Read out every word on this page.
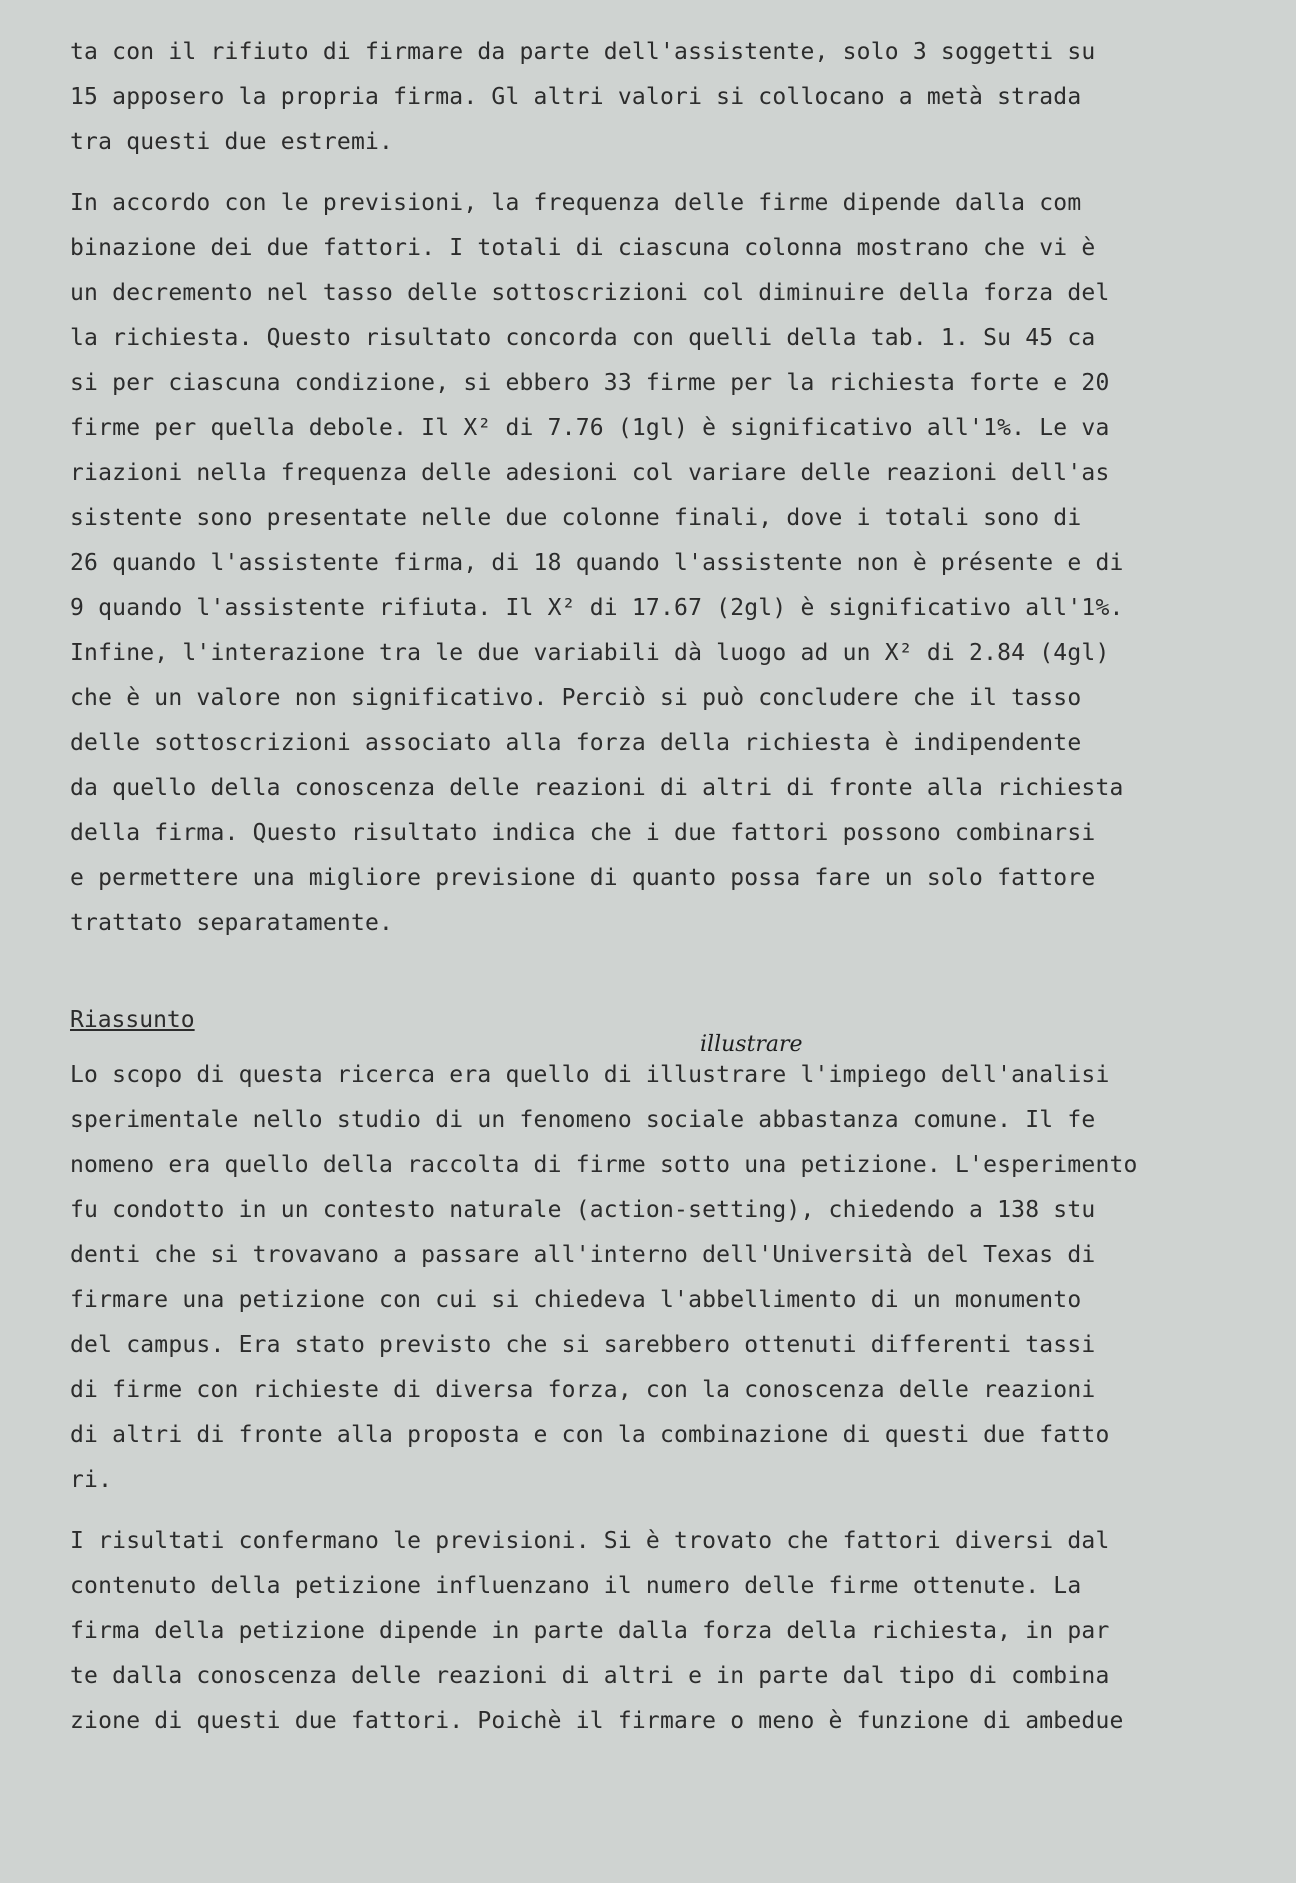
ta con il rifiuto di firmare da parte dell'assistente, solo 3 soggetti su
15 apposero la propria firma. Gl altri valori si collocano a metà strada
tra questi due estremi.

In accordo con le previsioni, la frequenza delle firme dipende dalla com
binazione dei due fattori. I totali di ciascuna colonna mostrano che vi è
un decremento nel tasso delle sottoscrizioni col diminuire della forza del
la richiesta. Questo risultato concorda con quelli della tab. 1. Su 45 ca
si per ciascuna condizione, si ebbero 33 firme per la richiesta forte e 20
firme per quella debole. Il X² di 7.76 (1gl) è significativo all'1%. Le va
riazioni nella frequenza delle adesioni col variare delle reazioni dell'as
sistente sono presentate nelle due colonne finali, dove i totali sono di
26 quando l'assistente firma, di 18 quando l'assistente non è présente e di
9 quando l'assistente rifiuta. Il X² di 17.67 (2gl) è significativo all'1%.
Infine, l'interazione tra le due variabili dà luogo ad un X² di 2.84 (4gl)
che è un valore non significativo. Perciò si può concludere che il tasso
delle sottoscrizioni associato alla forza della richiesta è indipendente
da quello della conoscenza delle reazioni di altri di fronte alla richiesta
della firma. Questo risultato indica che i due fattori possono combinarsi
e permettere una migliore previsione di quanto possa fare un solo fattore
trattato separatamente.

Riassunto

Lo scopo di questa ricerca era quello di illustrare l'impiego dell'analisi
sperimentale nello studio di un fenomeno sociale abbastanza comune. Il fe
nomeno era quello della raccolta di firme sotto una petizione. L'esperimento
fu condotto in un contesto naturale (action-setting), chiedendo a 138 stu
denti che si trovavano a passare all'interno dell'Università del Texas di
firmare una petizione con cui si chiedeva l'abbellimento di un monumento
del campus. Era stato previsto che si sarebbero ottenuti differenti tassi
di firme con richieste di diversa forza, con la conoscenza delle reazioni
di altri di fronte alla proposta e con la combinazione di questi due fatto
ri.

I risultati confermano le previsioni. Si è trovato che fattori diversi dal
contenuto della petizione influenzano il numero delle firme ottenute. La
firma della petizione dipende in parte dalla forza della richiesta, in par
te dalla conoscenza delle reazioni di altri e in parte dal tipo di combina
zione di questi due fattori. Poichè il firmare o meno è funzione di ambedue

illustrare
